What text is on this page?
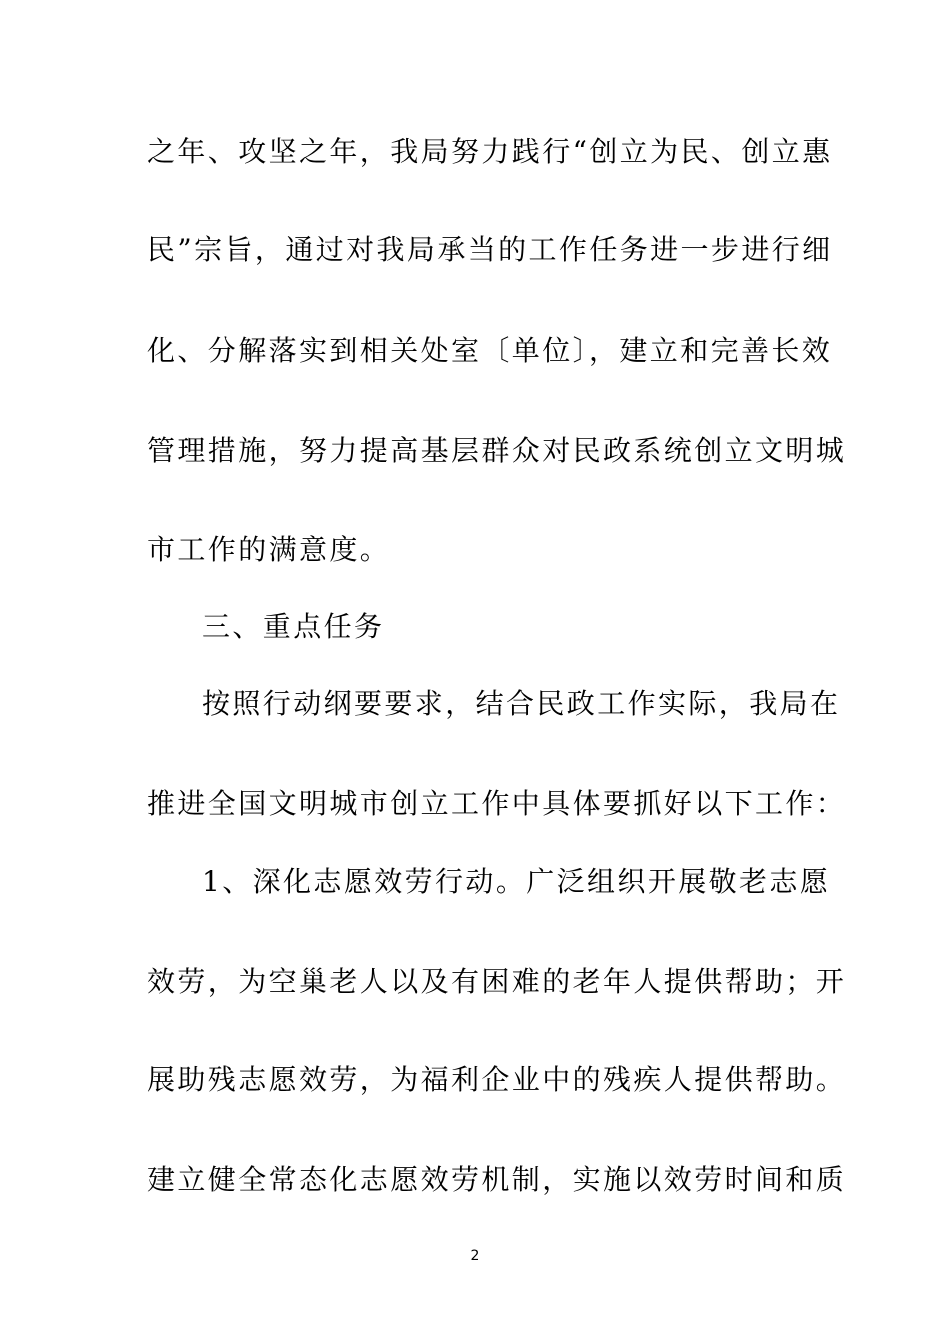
之年、攻坚之年，我局努力践行“创立为民、创立惠
民”宗旨，通过对我局承当的工作任务进一步进行细
化、分解落实到相关处室〔单位〕，建立和完善长效
管理措施，努力提高基层群众对民政系统创立文明城
市工作的满意度。
三、重点任务
按照行动纲要要求，结合民政工作实际，我局在
推进全国文明城市创立工作中具体要抓好以下工作：
1、深化志愿效劳行动。广泛组织开展敬老志愿
效劳，为空巢老人以及有困难的老年人提供帮助；开
展助残志愿效劳，为福利企业中的残疾人提供帮助。
建立健全常态化志愿效劳机制，实施以效劳时间和质
2
